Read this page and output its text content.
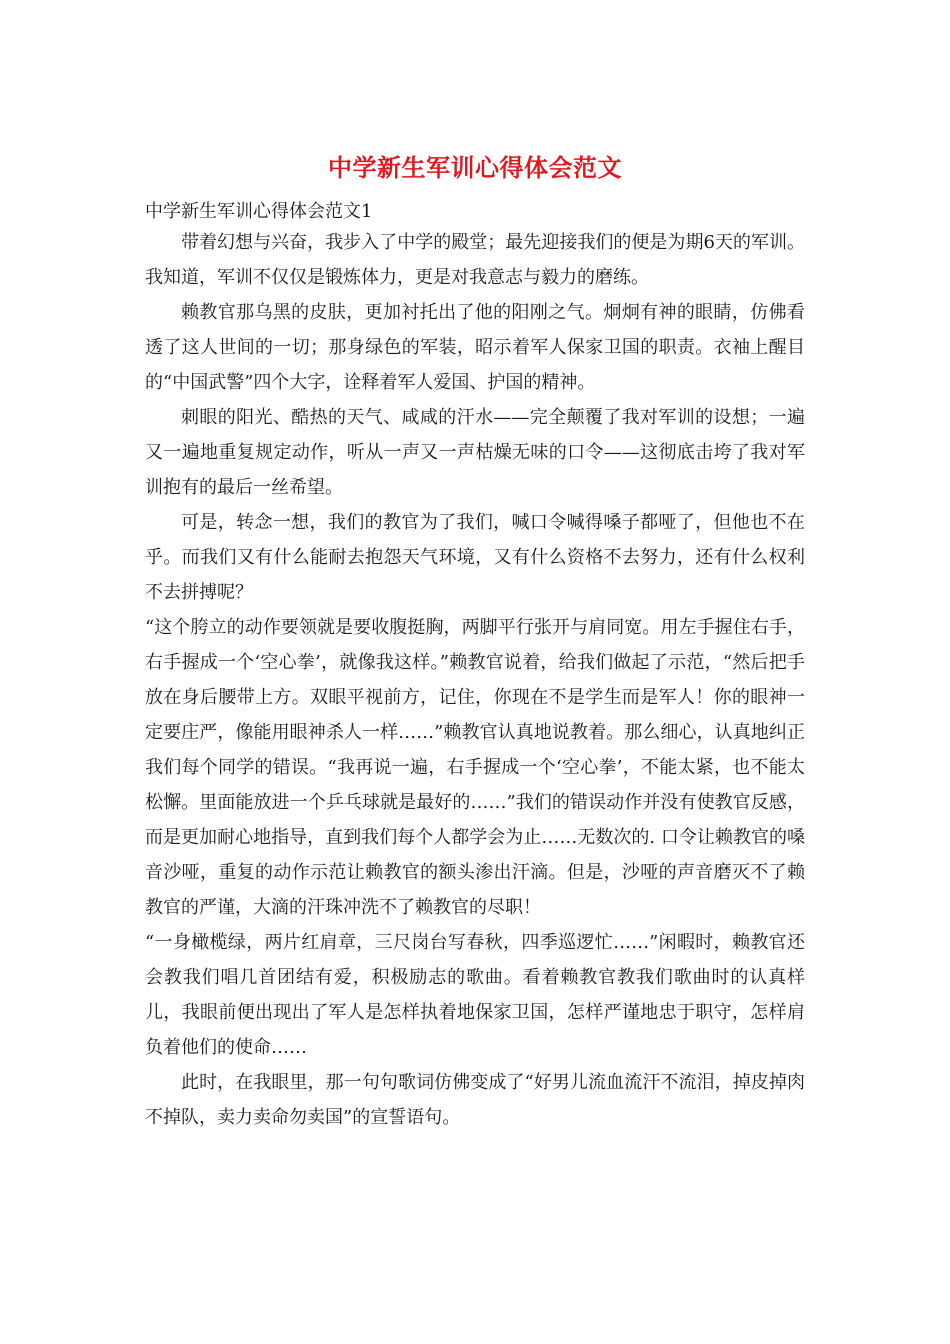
中学新生军训心得体会范文

中学新生军训心得体会范文1

带着幻想与兴奋，我步入了中学的殿堂；最先迎接我们的便是为期6天的军训。我知道，军训不仅仅是锻炼体力，更是对我意志与毅力的磨练。

赖教官那乌黑的皮肤，更加衬托出了他的阳刚之气。炯炯有神的眼睛，仿佛看透了这人世间的一切；那身绿色的军装，昭示着军人保家卫国的职责。衣袖上醒目的“中国武警”四个大字，诠释着军人爱国、护国的精神。

刺眼的阳光、酷热的天气、咸咸的汗水——完全颠覆了我对军训的设想；一遍又一遍地重复规定动作，听从一声又一声枯燥无味的口令——这彻底击垮了我对军训抱有的最后一丝希望。

可是，转念一想，我们的教官为了我们，喊口令喊得嗓子都哑了，但他也不在乎。而我们又有什么能耐去抱怨天气环境，又有什么资格不去努力，还有什么权利不去拼搏呢？

“这个胯立的动作要领就是要收腹挺胸，两脚平行张开与肩同宽。用左手握住右手，右手握成一个‘空心拳’，就像我这样。”赖教官说着，给我们做起了示范，“然后把手放在身后腰带上方。双眼平视前方，记住，你现在不是学生而是军人！你的眼神一定要庄严，像能用眼神杀人一样……”赖教官认真地说教着。那么细心，认真地纠正我们每个同学的错误。“我再说一遍，右手握成一个‘空心拳’，不能太紧，也不能太松懈。里面能放进一个乒乓球就是最好的……”我们的错误动作并没有使教官反感，而是更加耐心地指导，直到我们每个人都学会为止……无数次的. 口令让赖教官的嗓音沙哑，重复的动作示范让赖教官的额头渗出汗滴。但是，沙哑的声音磨灭不了赖教官的严谨，大滴的汗珠冲洗不了赖教官的尽职！

“一身橄榄绿，两片红肩章，三尺岗台写春秋，四季巡逻忙……”闲暇时，赖教官还会教我们唱几首团结有爱，积极励志的歌曲。看着赖教官教我们歌曲时的认真样儿，我眼前便出现出了军人是怎样执着地保家卫国，怎样严谨地忠于职守，怎样肩负着他们的使命……

此时，在我眼里，那一句句歌词仿佛变成了“好男儿流血流汗不流泪，掉皮掉肉不掉队，卖力卖命勿卖国”的宣誓语句。
